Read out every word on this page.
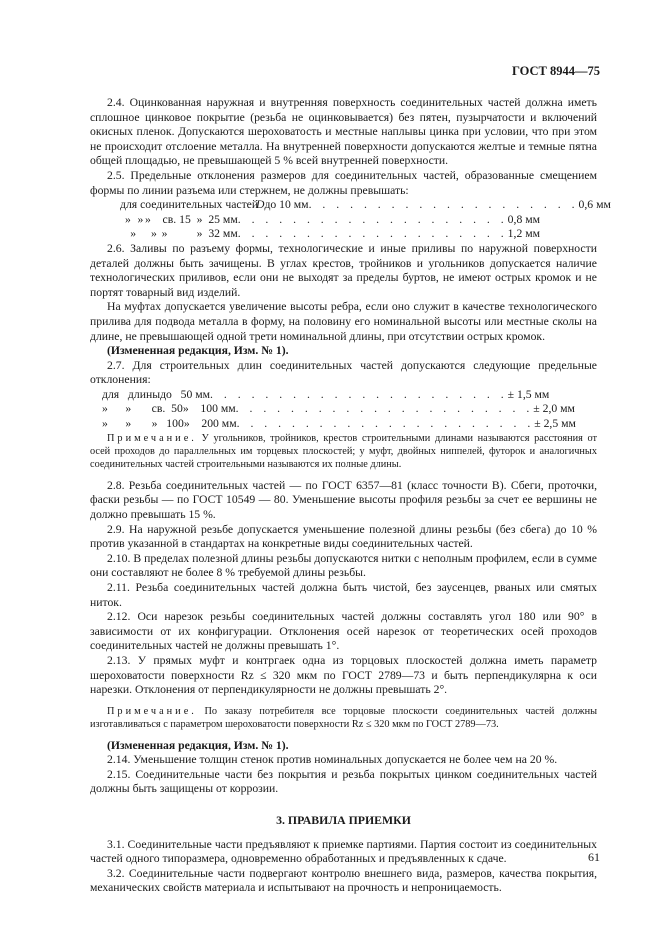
ГОСТ 8944—75

2.4. Оцинкованная наружная и внутренняя поверхность соединительных частей должна иметь сплошное цинковое покрытие (резьба не оцинковывается) без пятен, пузырчатости и включений окисных пленок. Допускаются шероховатость и местные наплывы цинка при условии, что при этом не происходит отслоение металла. На внутренней поверхности допускаются желтые и темные пятна общей площадью, не превышающей 5 % всей внутренней поверхности.

2.5. Предельные отклонения размеров для соединительных частей, образованные смещением формы по линии разъема или стержнем, не должны превышать:

для соединительных частей
D до 10 мм . . . . . . . . . . . . . . . . . . . . 0,6 мм
» » »    св. 15  »  25 мм . . . . . . . . . . . . . . . . . . . . 0,8 мм
»	» »          »  32 мм . . . . . . . . . . . . . . . . . . . . 1,2 мм

2.6. Заливы по разъему формы, технологические и иные приливы по наружной поверхности деталей должны быть зачищены. В углах крестов, тройников и угольников допускается наличие технологических приливов, если они не выходят за пределы буртов, не имеют острых кромок и не портят товарный вид изделий.

На муфтах допускается увеличение высоты ребра, если оно служит в качестве технологического прилива для подвода металла в форму, на половину его номинальной высоты или местные сколы на длине, не превышающей одной трети номинальной длины, при отсутствии острых кромок.

(Измененная редакция, Изм. № 1).

2.7. Для строительных длин соединительных частей допускаются следующие предельные отклонения:

для   длины до   50 мм . . . . . . . . . . . . . . . . . . . . . . ± 1,5 мм
»      »       св.  50 »    100 мм . . . . . . . . . . . . . . . . . . . . . . ± 2,0 мм
»      »       »   100 »    200 мм . . . . . . . . . . . . . . . . . . . . . . ± 2,5 мм

Примечание. У угольников, тройников, крестов строительными длинами называются расстояния от осей проходов до параллельных им торцевых плоскостей; у муфт, двойных ниппелей, футорок и аналогичных соединительных частей строительными называются их полные длины.

2.8. Резьба соединительных частей — по ГОСТ 6357—81 (класс точности В). Сбеги, проточки, фаски резьбы — по ГОСТ 10549 — 80. Уменьшение высоты профиля резьбы за счет ее вершины не должно превышать 15 %.

2.9. На наружной резьбе допускается уменьшение полезной длины резьбы (без сбега) до 10 % против указанной в стандартах на конкретные виды соединительных частей.

2.10. В пределах полезной длины резьбы допускаются нитки с неполным профилем, если в сумме они составляют не более 8 % требуемой длины резьбы.

2.11. Резьба соединительных частей должна быть чистой, без заусенцев, рваных или смятых ниток.

2.12. Оси нарезок резьбы соединительных частей должны составлять угол 180 или 90° в зависимости от их конфигурации. Отклонения осей нарезок от теоретических осей проходов соединительных частей не должны превышать 1°.

2.13. У прямых муфт и контргаек одна из торцовых плоскостей должна иметь параметр шероховатости поверхности Rz ≤ 320 мкм по ГОСТ 2789—73 и быть перпендикулярна к оси нарезки. Отклонения от перпендикулярности не должны превышать 2°.

Примечание. По заказу потребителя все торцовые плоскости соединительных частей должны изготавливаться с параметром шероховатости поверхности Rz ≤ 320 мкм по ГОСТ 2789—73.

(Измененная редакция, Изм. № 1).

2.14. Уменьшение толщин стенок против номинальных допускается не более чем на 20 %.

2.15. Соединительные части без покрытия и резьба покрытых цинком соединительных частей должны быть защищены от коррозии.

3. ПРАВИЛА ПРИЕМКИ

3.1. Соединительные части предъявляют к приемке партиями. Партия состоит из соединительных частей одного типоразмера, одновременно обработанных и предъявленных к сдаче.

3.2. Соединительные части подвергают контролю внешнего вида, размеров, качества покрытия, механических свойств материала и испытывают на прочность и непроницаемость.

61
